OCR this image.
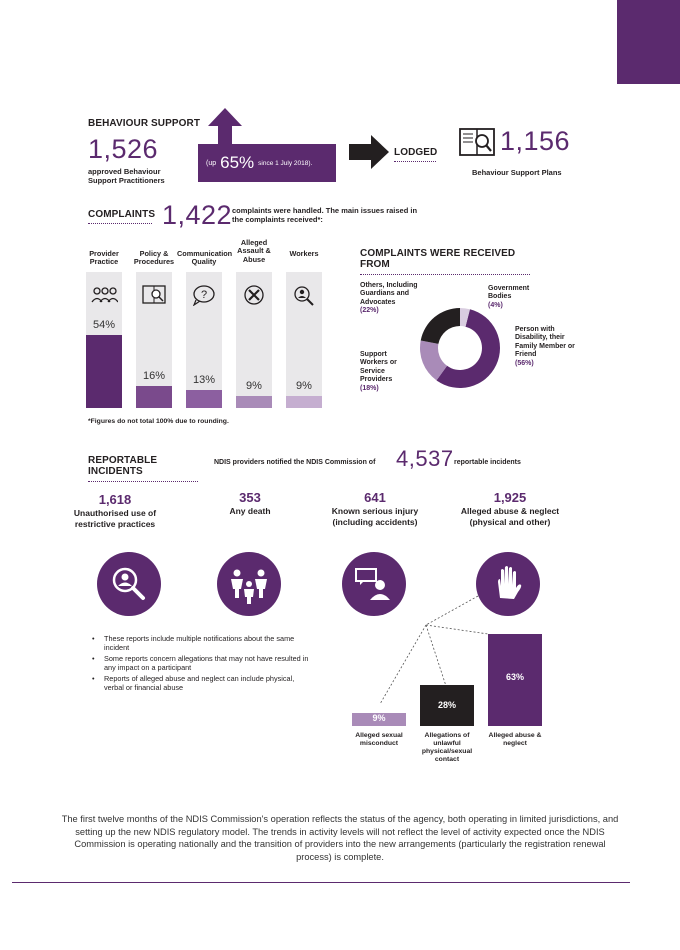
BEHAVIOUR SUPPORT
1,526
approved Behaviour
Support Practitioners
(up 65% since 1 July 2018).
LODGED 1,156
Behaviour Support Plans
COMPLAINTS 1,422 complaints were handled. The main issues raised in
the complaints received*:
Provider Practice
54%
Policy & Procedures
16%
Communication Quality
?
13%
Alleged Assault & Abuse
9%
Workers
9%
*Figures do not total 100% due to rounding.
COMPLAINTS WERE RECEIVED FROM
Others, Including Guardians and Advocates
(22%)
Government Bodies
(4%)
Person with Disability, their Family Member or Friend
(56%)
Support Workers or Service Providers
(18%)
REPORTABLE INCIDENTS
NDIS providers notified the NDIS Commission of 4,537 reportable incidents
1,618
Unauthorised use of
restrictive practices
353
Any death
641
Known serious injury
(including accidents)
1,925
Alleged abuse & neglect
(physical and other)
• These reports include multiple notifications about the same incident
• Some reports concern allegations that may not have resulted in any impact on a participant
• Reports of alleged abuse and neglect can include physical, verbal or financial abuse
9%
Alleged sexual misconduct
28%
Allegations of unlawful physical/sexual contact
63%
Alleged abuse & neglect
The first twelve months of the NDIS Commission's operation reflects the status of the agency, both operating in limited jurisdictions, and setting up the new NDIS regulatory model. The trends in activity levels will not reflect the level of activity expected once the NDIS Commission is operating nationally and the transition of providers into the new arrangements (particularly the registration renewal process) is complete.
